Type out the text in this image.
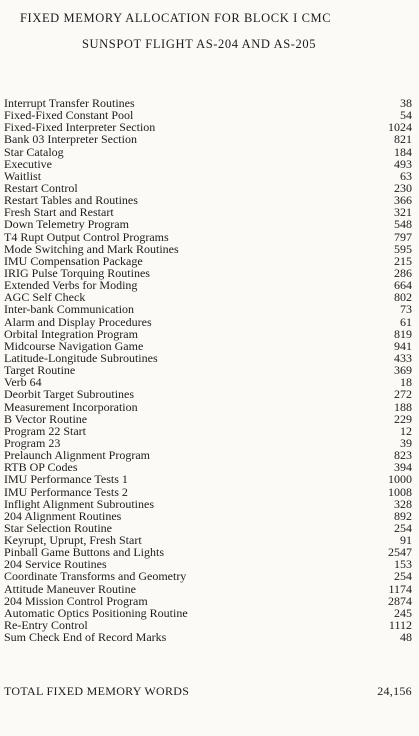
FIXED MEMORY ALLOCATION FOR BLOCK I CMC
SUNSPOT FLIGHT AS-204 AND AS-205
Interrupt Transfer Routines	38
Fixed-Fixed Constant Pool	54
Fixed-Fixed Interpreter Section	1024
Bank 03 Interpreter Section	821
Star Catalog	184
Executive	493
Waitlist	63
Restart Control	230
Restart Tables and Routines	366
Fresh Start and Restart	321
Down Telemetry Program	548
T4 Rupt Output Control Programs	797
Mode Switching and Mark Routines	595
IMU Compensation Package	215
IRIG Pulse Torquing Routines	286
Extended Verbs for Moding	664
AGC Self Check	802
Inter-bank Communication	73
Alarm and Display Procedures	61
Orbital Integration Program	819
Midcourse Navigation Game	941
Latitude-Longitude Subroutines	433
Target Routine	369
Verb 64	18
Deorbit Target Subroutines	272
Measurement Incorporation	188
B Vector Routine	229
Program 22 Start	12
Program 23	39
Prelaunch Alignment Program	823
RTB OP Codes	394
IMU Performance Tests 1	1000
IMU Performance Tests 2	1008
Inflight Alignment Subroutines	328
204 Alignment Routines	892
Star Selection Routine	254
Keyrupt, Uprupt, Fresh Start	91
Pinball Game Buttons and Lights	2547
204 Service Routines	153
Coordinate Transforms and Geometry	254
Attitude Maneuver Routine	1174
204 Mission Control Program	2874
Automatic Optics Positioning Routine	245
Re-Entry Control	1112
Sum Check End of Record Marks	48
TOTAL FIXED MEMORY WORDS	24,156
